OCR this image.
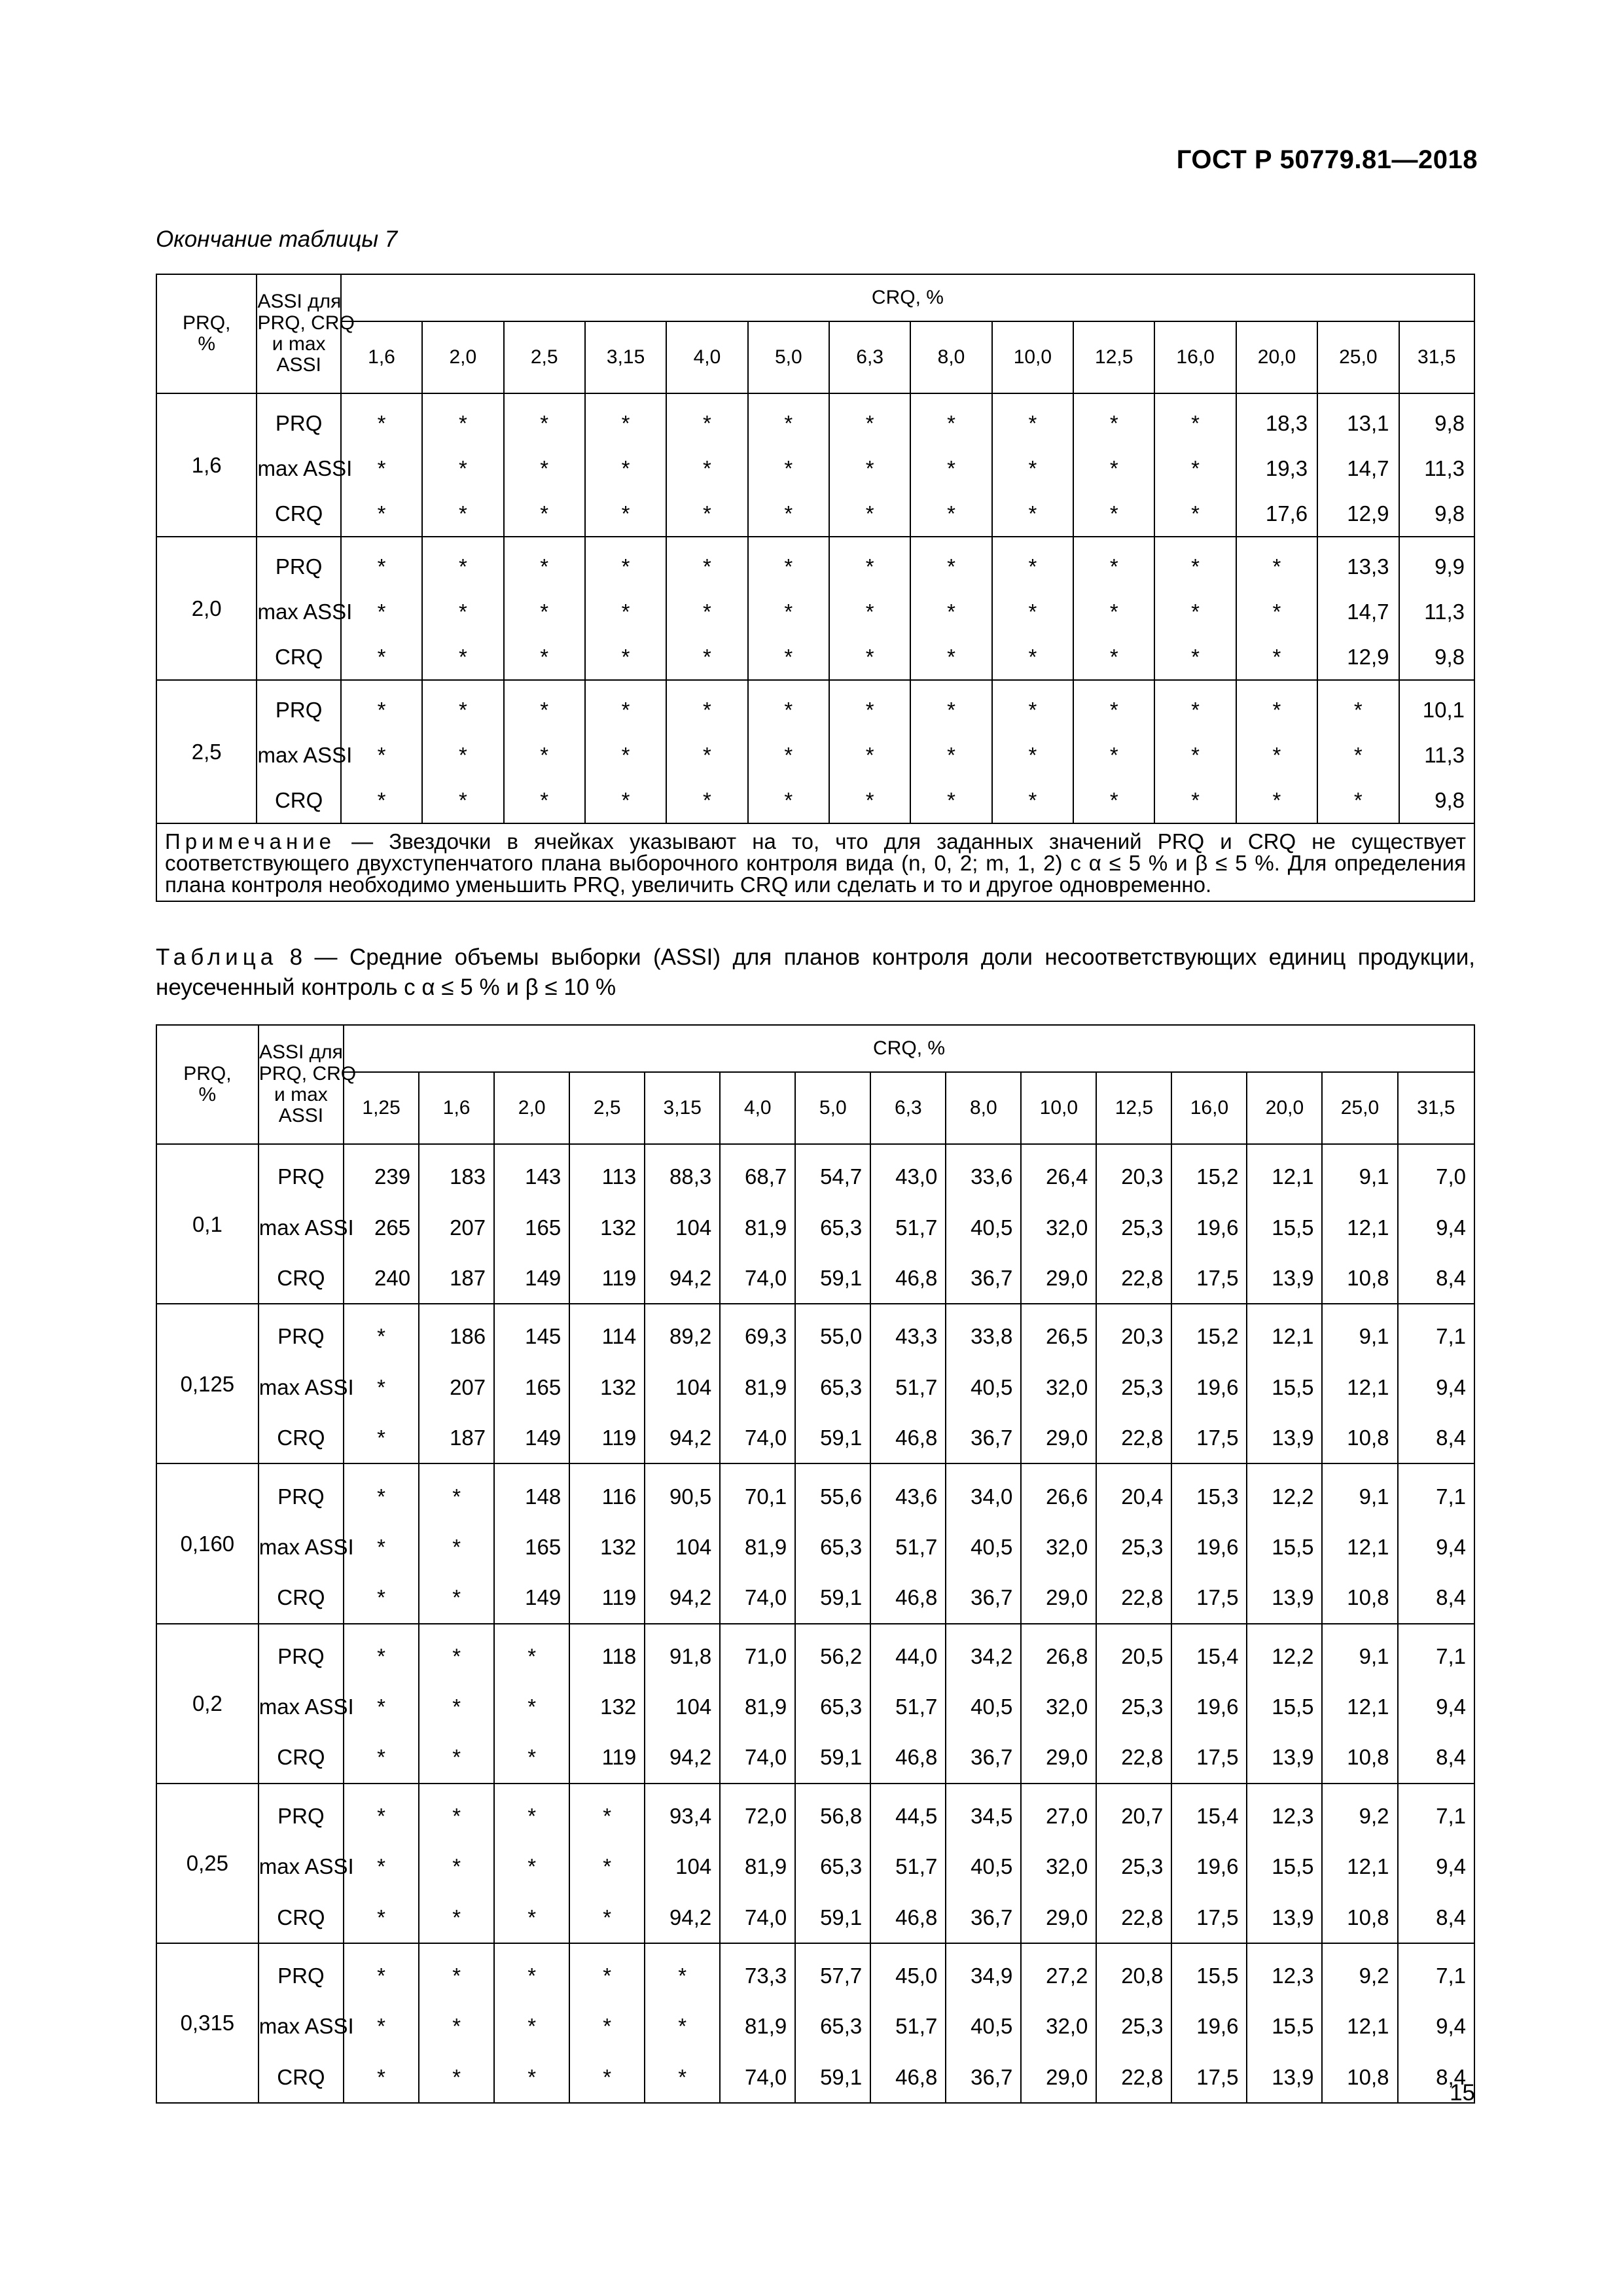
ГОСТ Р 50779.81—2018
Окончание таблицы 7
PRQ,
%	ASSI для
PRQ, CRQ
и max
ASSI	CRQ, %													
		1,6	2,0	2,5	3,15	4,0	5,0	6,3	8,0	10,0	12,5	16,0	20,0	25,0	31,5
1,6	PRQ	*	*	*	*	*	*	*	*	*	*	*	18,3	13,1	9,8
	max ASSI	*	*	*	*	*	*	*	*	*	*	*	19,3	14,7	11,3
	CRQ	*	*	*	*	*	*	*	*	*	*	*	17,6	12,9	9,8
2,0	PRQ	*	*	*	*	*	*	*	*	*	*	*	*	13,3	9,9
	max ASSI	*	*	*	*	*	*	*	*	*	*	*	*	14,7	11,3
	CRQ	*	*	*	*	*	*	*	*	*	*	*	*	12,9	9,8
2,5	PRQ	*	*	*	*	*	*	*	*	*	*	*	*	*	10,1
	max ASSI	*	*	*	*	*	*	*	*	*	*	*	*	*	11,3
	CRQ	*	*	*	*	*	*	*	*	*	*	*	*	*	9,8
Примечание — Звездочки в ячейках указывают на то, что для заданных значений PRQ и CRQ не существует соответствующего двухступенчатого плана выборочного контроля вида (n, 0, 2; m, 1, 2) с α ≤ 5 % и β ≤ 5 %. Для определения плана контроля необходимо уменьшить PRQ, увеличить CRQ или сделать и то и другое одновременно.															
Таблица 8 — Средние объемы выборки (ASSI) для планов контроля доли несоответствующих единиц продукции, неусеченный контроль с α ≤ 5 % и β ≤ 10 %
PRQ,
%	ASSI для
PRQ, CRQ
и max
ASSI	CRQ, %														
		1,25	1,6	2,0	2,5	3,15	4,0	5,0	6,3	8,0	10,0	12,5	16,0	20,0	25,0	31,5
0,1	PRQ	239	183	143	113	88,3	68,7	54,7	43,0	33,6	26,4	20,3	15,2	12,1	9,1	7,0
	max ASSI	265	207	165	132	104	81,9	65,3	51,7	40,5	32,0	25,3	19,6	15,5	12,1	9,4
	CRQ	240	187	149	119	94,2	74,0	59,1	46,8	36,7	29,0	22,8	17,5	13,9	10,8	8,4
0,125	PRQ	*	186	145	114	89,2	69,3	55,0	43,3	33,8	26,5	20,3	15,2	12,1	9,1	7,1
	max ASSI	*	207	165	132	104	81,9	65,3	51,7	40,5	32,0	25,3	19,6	15,5	12,1	9,4
	CRQ	*	187	149	119	94,2	74,0	59,1	46,8	36,7	29,0	22,8	17,5	13,9	10,8	8,4
0,160	PRQ	*	*	148	116	90,5	70,1	55,6	43,6	34,0	26,6	20,4	15,3	12,2	9,1	7,1
	max ASSI	*	*	165	132	104	81,9	65,3	51,7	40,5	32,0	25,3	19,6	15,5	12,1	9,4
	CRQ	*	*	149	119	94,2	74,0	59,1	46,8	36,7	29,0	22,8	17,5	13,9	10,8	8,4
0,2	PRQ	*	*	*	118	91,8	71,0	56,2	44,0	34,2	26,8	20,5	15,4	12,2	9,1	7,1
	max ASSI	*	*	*	132	104	81,9	65,3	51,7	40,5	32,0	25,3	19,6	15,5	12,1	9,4
	CRQ	*	*	*	119	94,2	74,0	59,1	46,8	36,7	29,0	22,8	17,5	13,9	10,8	8,4
0,25	PRQ	*	*	*	*	93,4	72,0	56,8	44,5	34,5	27,0	20,7	15,4	12,3	9,2	7,1
	max ASSI	*	*	*	*	104	81,9	65,3	51,7	40,5	32,0	25,3	19,6	15,5	12,1	9,4
	CRQ	*	*	*	*	94,2	74,0	59,1	46,8	36,7	29,0	22,8	17,5	13,9	10,8	8,4
0,315	PRQ	*	*	*	*	*	73,3	57,7	45,0	34,9	27,2	20,8	15,5	12,3	9,2	7,1
	max ASSI	*	*	*	*	*	81,9	65,3	51,7	40,5	32,0	25,3	19,6	15,5	12,1	9,4
	CRQ	*	*	*	*	*	74,0	59,1	46,8	36,7	29,0	22,8	17,5	13,9	10,8	8,4
15
